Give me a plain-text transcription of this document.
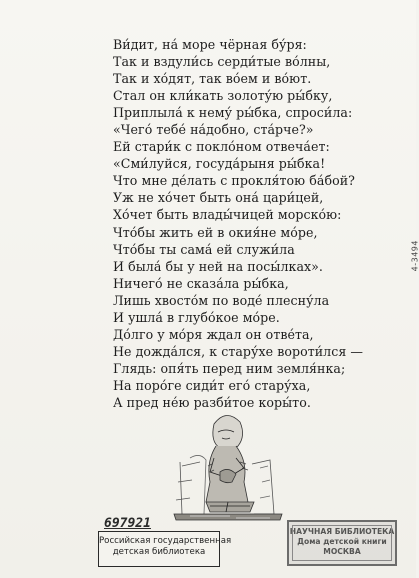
Ви́дит, на́ море чёрная бу́ря:
Так и вздули́сь серди́тые во́лны,
Так и хо́дят, так во́ем и во́ют.
Стал он кли́кать золоту́ю ры́бку,
Приплыла́ к нему́ ры́бка, спроси́ла:
«Чего́ тебе́ на́добно, ста́рче?»
Ей стари́к с покло́ном отвеча́ет:
«Сми́луйся, госуда́рыня ры́бка!
Что мне де́лать с прокля́тою ба́бой?
Уж не хо́чет быть она́ цари́цей,
Хо́чет быть влады́чицей морско́ю:
Что́бы жить ей в окия́не мо́ре,
Что́бы ты сама́ ей служи́ла
И была́ бы у ней на посы́лках».
Ничего́ не сказа́ла ры́бка,
Лишь хвосто́м по воде́ плесну́ла
И ушла́ в глубо́кое мо́ре.
До́лго у мо́ря ждал он отве́та,
Не дожда́лся, к стару́хе вороти́лся —
Глядь: опя́ть перед ним земля́нка;
На поро́ге сиди́т его́ стару́ха,
А пред не́ю разби́тое коры́то.
4-3494
697921
Российская государственная
детская библиотека
НАУЧНАЯ БИБЛИОТЕКА
Дома детской книги
МОСКВА
